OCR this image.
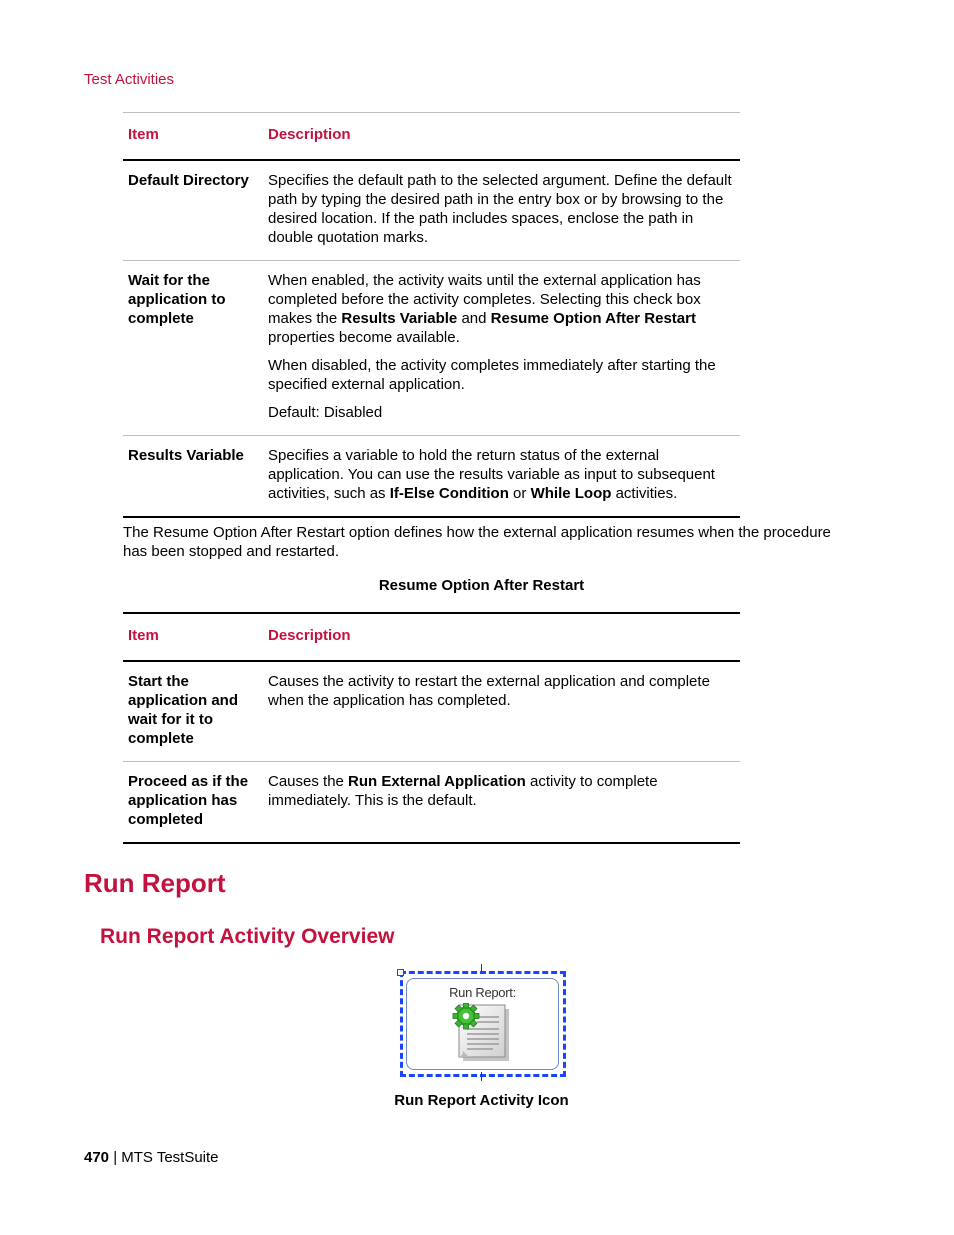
Test Activities
Item	Description
Default Directory	Specifies the default path to the selected argument. Define the default path by typing the desired path in the entry box or by browsing to the desired location. If the path includes spaces, enclose the path in double quotation marks.

Wait for the application to complete	When enabled, the activity waits until the external application has completed before the activity completes. Selecting this check box makes the Results Variable and Resume Option After Restart properties become available.

When disabled, the activity completes immediately after starting the specified external application.

Default: Disabled

Results Variable	Specifies a variable to hold the return status of the external application. You can use the results variable as input to subsequent activities, such as If-Else Condition or While Loop activities.

The Resume Option After Restart option defines how the external application resumes when the procedure has been stopped and restarted.

Resume Option After Restart
Item	Description
Start the application and wait for it to complete	Causes the activity to restart the external application and complete when the application has completed.

Proceed as if the application has completed	Causes the Run External Application activity to complete immediately. This is the default.

Run Report
Run Report Activity Overview
Run Report:
Run Report Activity Icon
470 | MTS TestSuite
